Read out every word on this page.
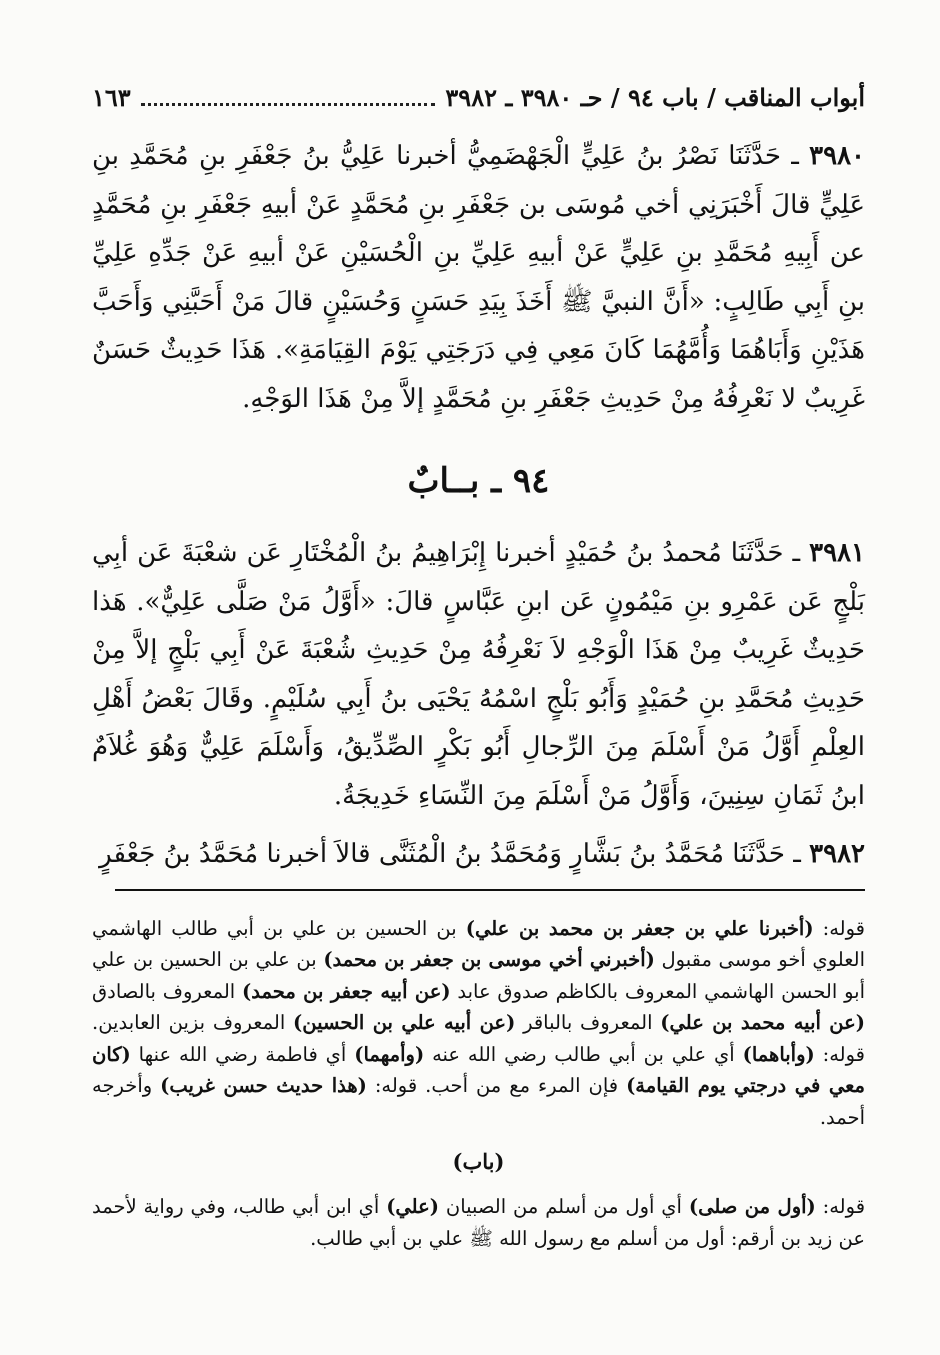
أبواب المناقب / باب ٩٤ / حـ ٣٩٨٠ ـ ٣٩٨٢
١٦٣

٣٩٨٠ ـ حَدَّثَنَا نَصْرُ بنُ عَلِيٍّ الْجَهْضَمِيُّ أخبرنا عَلِيُّ بنُ جَعْفَرِ بنِ مُحَمَّدِ بنِ عَلِيٍّ قالَ أَخْبَرَنِي أخي مُوسَى بن جَعْفَرِ بنِ مُحَمَّدٍ عَنْ أبيهِ جَعْفَرِ بنِ مُحَمَّدٍ عن أَبِيهِ مُحَمَّدِ بنِ عَلِيٍّ عَنْ أبيهِ عَلِيِّ بنِ الْحُسَيْنِ عَنْ أبيهِ عَنْ جَدِّهِ عَلِيِّ بنِ أَبِي طَالِبٍ: «أَنَّ النبيَّ ﷺ أَخَذَ بِيَدِ حَسَنٍ وَحُسَيْنٍ قالَ مَنْ أَحَبَّنِي وَأَحَبَّ هَذَيْنِ وَأَبَاهُمَا وَأُمَّهُمَا كَانَ مَعِي فِي دَرَجَتِي يَوْمَ القِيَامَةِ». هَذَا حَدِيثٌ حَسَنٌ غَرِيبٌ لا نَعْرِفُهُ مِنْ حَدِيثِ جَعْفَرِ بنِ مُحَمَّدٍ إلاَّ مِنْ هَذَا الوَجْهِ.

٩٤ ـ بــابٌ

٣٩٨١ ـ حَدَّثَنَا مُحمدُ بنُ حُمَيْدٍ أخبرنا إِبْرَاهِيمُ بنُ الْمُخْتَارِ عَن شعْبَةَ عَن أبِي بَلْجٍ عَن عَمْرِو بنِ مَيْمُونٍ عَن ابنِ عَبَّاسٍ قالَ: «أَوَّلُ مَنْ صَلَّى عَلِيٌّ». هَذا حَدِيثٌ غَرِيبٌ مِنْ هَذَا الْوَجْهِ لاَ نَعْرِفُهُ مِنْ حَدِيثِ شُعْبَةَ عَنْ أَبِي بَلْجٍ إلاَّ مِنْ حَدِيثِ مُحَمَّدِ بنِ حُمَيْدٍ وَأَبُو بَلْجٍ اسْمُهُ يَحْيَى بنُ أَبِي سُلَيْمٍ. وقَالَ بَعْضُ أَهْلِ العِلْمِ أَوَّلُ مَنْ أَسْلَمَ مِنَ الرِّجالِ أَبُو بَكْرٍ الصِّدِّيقُ، وَأَسْلَمَ عَلِيٌّ وَهُوَ غُلاَمٌ ابنُ ثَمَانِ سِنِينَ، وَأَوَّلُ مَنْ أَسْلَمَ مِنَ النِّسَاءِ خَدِيجَةُ.

٣٩٨٢ ـ حَدَّثَنَا مُحَمَّدُ بنُ بَشَّارٍ وَمُحَمَّدُ بنُ الْمُثَنَّى قالاَ أخبرنا مُحَمَّدُ بنُ جَعْفَرٍ

قوله: (أخبرنا علي بن جعفر بن محمد بن علي) بن الحسين بن علي بن أبي طالب الهاشمي العلوي أخو موسى مقبول (أخبرني أخي موسى بن جعفر بن محمد) بن علي بن الحسين بن علي أبو الحسن الهاشمي المعروف بالكاظم صدوق عابد (عن أبيه جعفر بن محمد) المعروف بالصادق (عن أبيه محمد بن علي) المعروف بالباقر (عن أبيه علي بن الحسين) المعروف بزين العابدين. قوله: (وأباهما) أي علي بن أبي طالب رضي الله عنه (وأمهما) أي فاطمة رضي الله عنها (كان معي في درجتي يوم القيامة) فإن المرء مع من أحب. قوله: (هذا حديث حسن غريب) وأخرجه أحمد.

(باب)

قوله: (أول من صلى) أي أول من أسلم من الصبيان (علي) أي ابن أبي طالب، وفي رواية لأحمد عن زيد بن أرقم: أول من أسلم مع رسول الله ﷺ علي بن أبي طالب.
